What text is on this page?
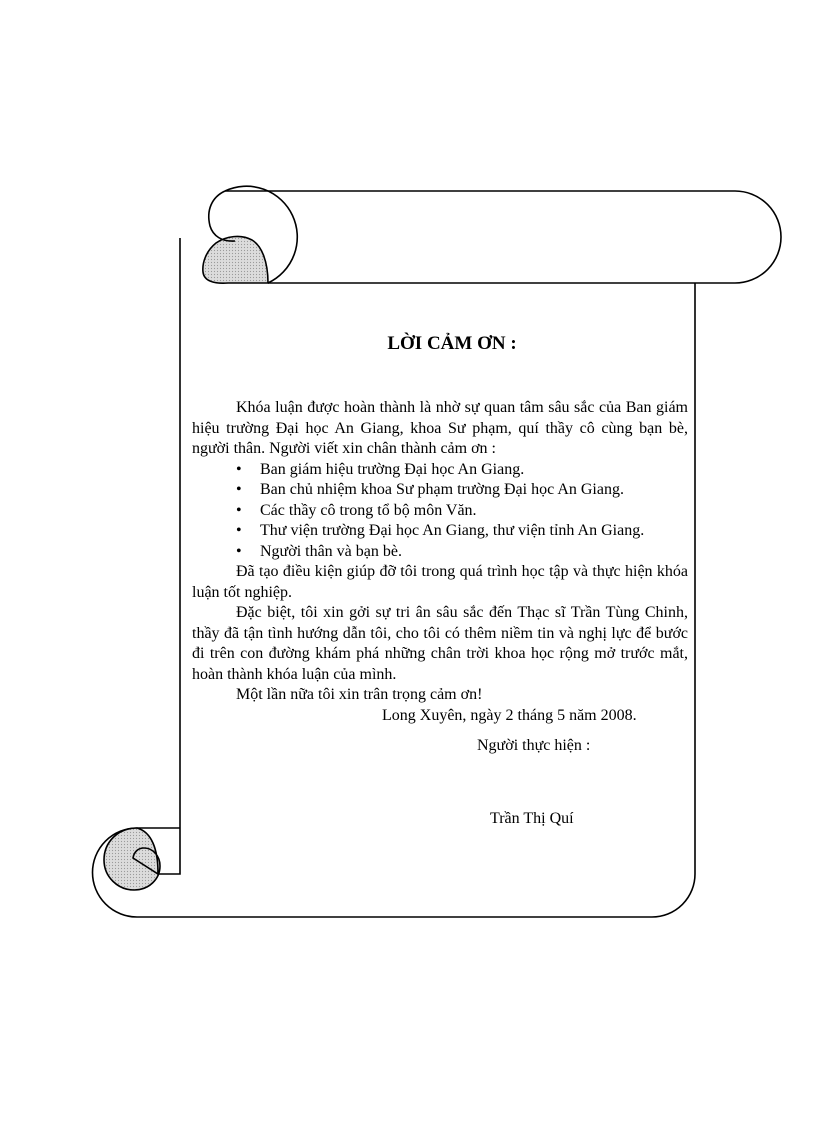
LỜI CẢM ƠN :

Khóa luận được hoàn thành là nhờ sự quan tâm sâu sắc của Ban giám hiệu trường Đại học An Giang, khoa Sư phạm, quí thầy cô cùng bạn bè, người thân. Người viết xin chân thành cảm ơn :

• Ban giám hiệu trường Đại học An Giang.
• Ban chủ nhiệm khoa Sư phạm trường Đại học An Giang.
• Các thầy cô trong tổ bộ môn Văn.
• Thư viện trường Đại học An Giang, thư viện tỉnh An Giang.
• Người thân và bạn bè.

Đã tạo điều kiện giúp đỡ tôi trong quá trình học tập và thực hiện khóa luận tốt nghiệp.

Đặc biệt, tôi xin gởi sự tri ân sâu sắc đến Thạc sĩ Trần Tùng Chinh, thầy đã tận tình hướng dẫn tôi, cho tôi có thêm niềm tin và nghị lực để bước đi trên con đường khám phá những chân trời khoa học rộng mở trước mắt, hoàn thành khóa luận của mình.

Một lần nữa tôi xin trân trọng cảm ơn!

Long Xuyên, ngày 2 tháng 5 năm 2008.
Người thực hiện :
Trần Thị Quí
